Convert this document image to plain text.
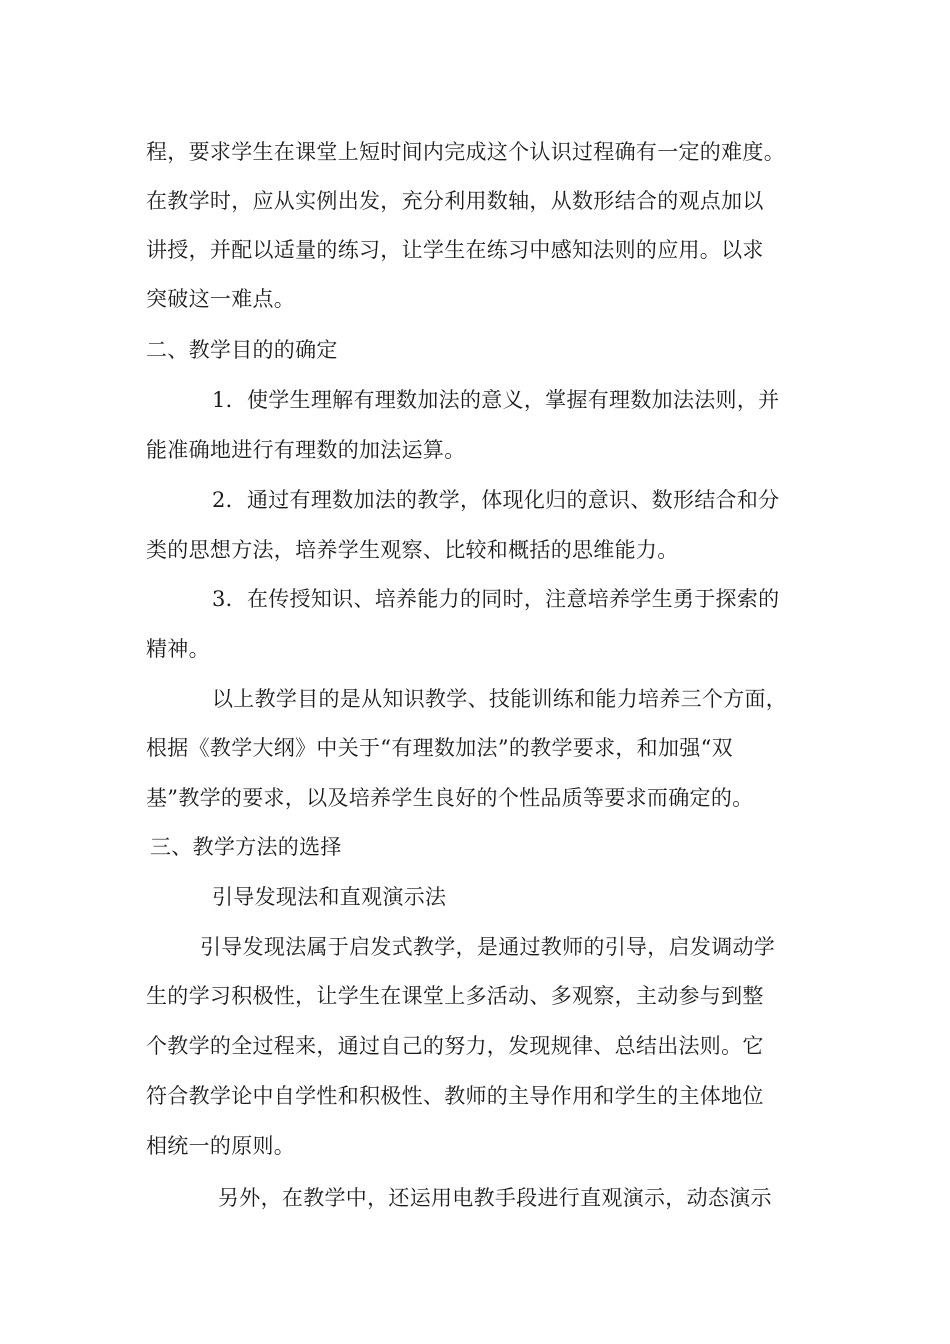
程，要求学生在课堂上短时间内完成这个认识过程确有一定的难度。
在教学时，应从实例出发，充分利用数轴，从数形结合的观点加以
讲授，并配以适量的练习，让学生在练习中感知法则的应用。以求
突破这一难点。
二、教学目的的确定
1．使学生理解有理数加法的意义，掌握有理数加法法则，并
能准确地进行有理数的加法运算。
2．通过有理数加法的教学，体现化归的意识、数形结合和分
类的思想方法，培养学生观察、比较和概括的思维能力。
3．在传授知识、培养能力的同时，注意培养学生勇于探索的
精神。
以上教学目的是从知识教学、技能训练和能力培养三个方面，
根据《教学大纲》中关于“有理数加法”的教学要求，和加强“双
基”教学的要求，以及培养学生良好的个性品质等要求而确定的。
三、教学方法的选择
引导发现法和直观演示法
引导发现法属于启发式教学，是通过教师的引导，启发调动学
生的学习积极性，让学生在课堂上多活动、多观察，主动参与到整
个教学的全过程来，通过自己的努力，发现规律、总结出法则。它
符合教学论中自学性和积极性、教师的主导作用和学生的主体地位
相统一的原则。
另外，在教学中，还运用电教手段进行直观演示，动态演示
